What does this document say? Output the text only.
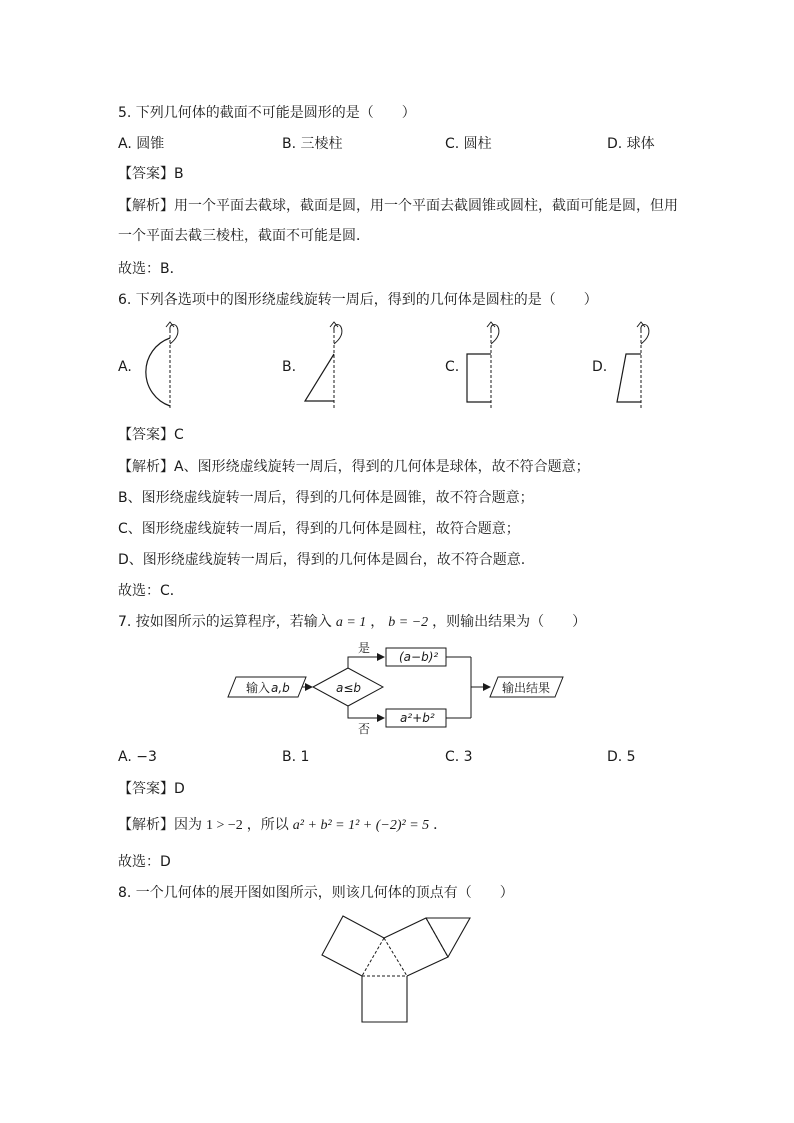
5. 下列几何体的截面不可能是圆形的是（　　）
A. 圆锥	B. 三棱柱	C. 圆柱	D. 球体
【答案】B
【解析】用一个平面去截球，截面是圆，用一个平面去截圆锥或圆柱，截面可能是圆，但用
一个平面去截三棱柱，截面不可能是圆．
故选：B．
6. 下列各选项中的图形绕虚线旋转一周后，得到的几何体是圆柱的是（　　）
A.	B.	C.	D.
【答案】C
【解析】A、图形绕虚线旋转一周后，得到的几何体是球体，故不符合题意；
B、图形绕虚线旋转一周后，得到的几何体是圆锥，故不符合题意；
C、图形绕虚线旋转一周后，得到的几何体是圆柱，故符合题意；
D、图形绕虚线旋转一周后，得到的几何体是圆台，故不符合题意.
故选：C．
7. 按如图所示的运算程序，若输入 a = 1 ， b = −2 ，则输出结果为（　　）
输入 a,b	a≤b
是
(a−b)²
否
a²+b²
输出结果
A. −3	B. 1	C. 3	D. 5
【答案】D
【解析】因为 1 > −2 ，所以 a² + b² = 1² + (−2)² = 5 ．
故选：D
8. 一个几何体的展开图如图所示，则该几何体的顶点有（　　）
